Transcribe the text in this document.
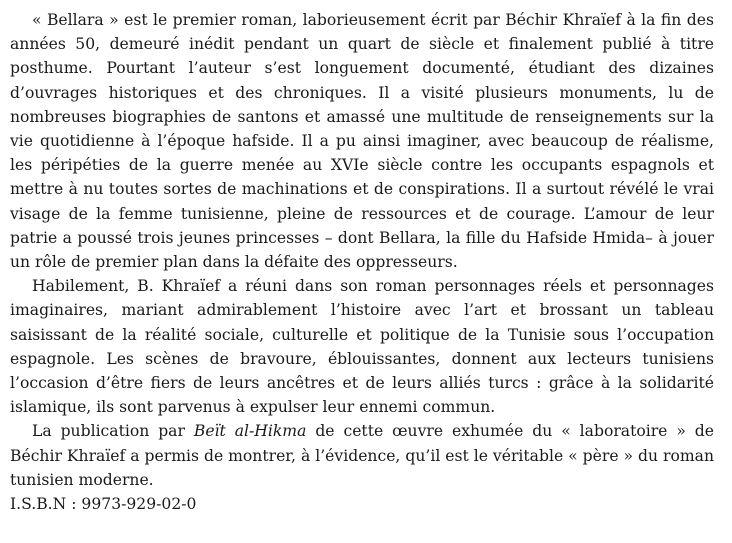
« Bellara » est le premier roman, laborieusement écrit par Béchir Khraïef à la fin des années 50, demeuré inédit pendant un quart de siècle et finalement publié à titre posthume. Pourtant l’auteur s’est longuement documenté, étudiant des dizaines d’ouvrages historiques et des chroniques. Il a visité plusieurs monuments, lu de nombreuses biographies de santons et amassé une multitude de renseignements sur la vie quotidienne à l’époque hafside. Il a pu ainsi imaginer, avec beaucoup de réalisme, les péripéties de la guerre menée au XVIe siècle contre les occupants espagnols et mettre à nu toutes sortes de machinations et de conspirations. Il a surtout révélé le vrai visage de la femme tunisienne, pleine de ressources et de courage. L’amour de leur patrie a poussé trois jeunes princesses – dont Bellara, la fille du Hafside Hmida– à jouer un rôle de premier plan dans la défaite des oppresseurs.

Habilement, B. Khraïef a réuni dans son roman personnages réels et personnages imaginaires, mariant admirablement l’histoire avec l’art et brossant un tableau saisissant de la réalité sociale, culturelle et politique de la Tunisie sous l’occupation espagnole. Les scènes de bravoure, éblouissantes, donnent aux lecteurs tunisiens l’occasion d’être fiers de leurs ancêtres et de leurs alliés turcs : grâce à la solidarité islamique, ils sont parvenus à expulser leur ennemi commun.

La publication par Beït al-Hikma de cette œuvre exhumée du « laboratoire » de Béchir Khraïef a permis de montrer, à l’évidence, qu’il est le véritable « père » du roman tunisien moderne.

I.S.B.N : 9973-929-02-0
